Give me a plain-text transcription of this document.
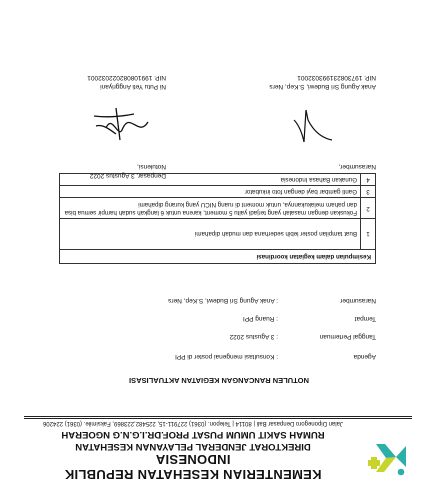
KEMENTERIAN KESEHATAN REPUBLIK INDONESIA
DIREKTORAT JENDERAL PELAYANAN KESEHATAN
RUMAH SAKIT UMUM PUSAT PROF.DR.I.G.N.G NGOERAH
Jalan Diponegoro Denpasar Bali | 80114 | Telepon. (0361) 227911-15, 225482,223869, Faksimile. (0361) 224206
NOTULEN RANCANGAN KEGIATAN AKTUALISASI
Agenda
: Konsultasi mengenai poster di PPI
Tanggal Pertemuan
: 3 Agustus 2022
Tempat
: Ruang PPI
Narasumber
: Anak Agung Sri Budewi, S.Kep, Ners
Kesimpulan dalam kegiatan koordinasi	
1	Buat tampilan poster lebih sederhana dan mudah dipahami
2	Fokuskan dengan masalah yang terjadi yaitu 5 moment, karena untuk 6 langkah sudah hampir semua bisa dan paham melakukannya, untuk moment di ruang NICU yang kurang dipahami
3	Ganti gambar bayi dengan foto inkubator
4	Gunakan Bahasa Indonesia
Denpasar, 3 Agustus 2022
Notulensi,
Ni Putu Yeti Anggriyani
NIP. 199108082022032001
Narasumber,
Anak Agung Sri Budewi, S.Kep, Ners
NIP. 197308231993032001
